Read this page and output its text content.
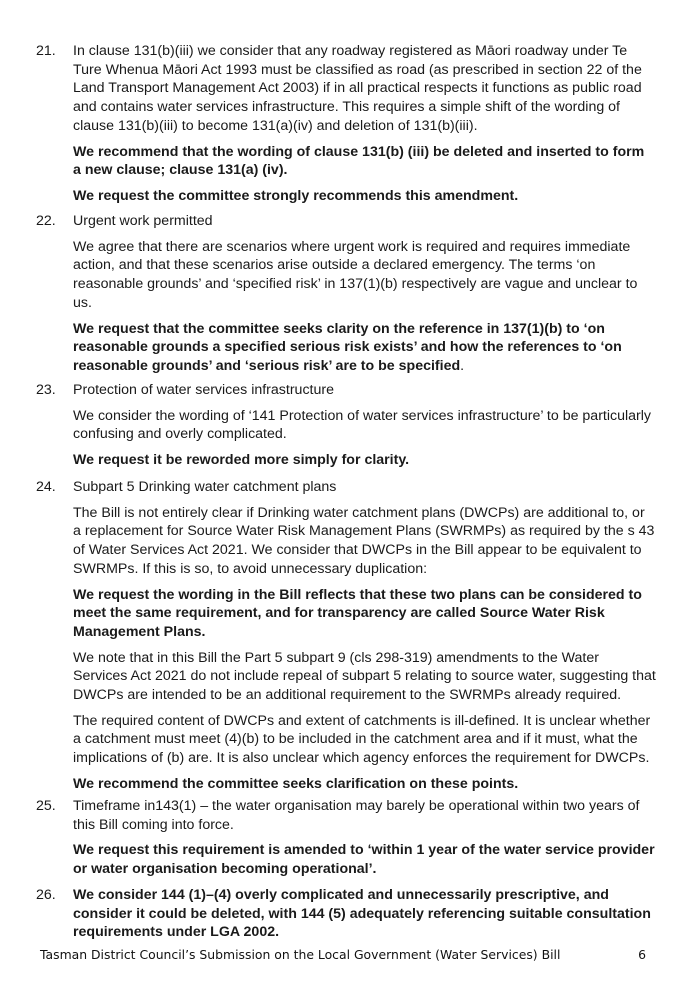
21.	In clause 131(b)(iii) we consider that any roadway registered as Māori roadway under Te Ture Whenua Māori Act 1993 must be classified as road (as prescribed in section 22 of the Land Transport Management Act 2003) if in all practical respects it functions as public road and contains water services infrastructure. This requires a simple shift of the wording of clause 131(b)(iii) to become 131(a)(iv) and deletion of 131(b)(iii).

We recommend that the wording of clause 131(b) (iii) be deleted and inserted to form a new clause; clause 131(a) (iv).

We request the committee strongly recommends this amendment.

22.	Urgent work permitted

We agree that there are scenarios where urgent work is required and requires immediate action, and that these scenarios arise outside a declared emergency. The terms ‘on reasonable grounds’ and ‘specified risk’ in 137(1)(b) respectively are vague and unclear to us.

We request that the committee seeks clarity on the reference in 137(1)(b) to ‘on reasonable grounds a specified serious risk exists’ and how the references to ‘on reasonable grounds’ and ‘serious risk’ are to be specified.

23.	Protection of water services infrastructure

We consider the wording of ‘141 Protection of water services infrastructure’ to be particularly confusing and overly complicated.

We request it be reworded more simply for clarity.

24.	Subpart 5 Drinking water catchment plans

The Bill is not entirely clear if Drinking water catchment plans (DWCPs) are additional to, or a replacement for Source Water Risk Management Plans (SWRMPs) as required by the s 43 of Water Services Act 2021. We consider that DWCPs in the Bill appear to be equivalent to SWRMPs. If this is so, to avoid unnecessary duplication:

We request the wording in the Bill reflects that these two plans can be considered to meet the same requirement, and for transparency are called Source Water Risk Management Plans.

We note that in this Bill the Part 5 subpart 9 (cls 298-319) amendments to the Water Services Act 2021 do not include repeal of subpart 5 relating to source water, suggesting that DWCPs are intended to be an additional requirement to the SWRMPs already required.

The required content of DWCPs and extent of catchments is ill-defined. It is unclear whether a catchment must meet (4)(b) to be included in the catchment area and if it must, what the implications of (b) are. It is also unclear which agency enforces the requirement for DWCPs.

We recommend the committee seeks clarification on these points.

25.	Timeframe in143(1) – the water organisation may barely be operational within two years of this Bill coming into force.

We request this requirement is amended to ‘within 1 year of the water service provider or water organisation becoming operational’.

26.	We consider 144 (1)–(4) overly complicated and unnecessarily prescriptive, and consider it could be deleted, with 144 (5) adequately referencing suitable consultation requirements under LGA 2002.

Tasman District Council’s Submission on the Local Government (Water Services) Bill	6
